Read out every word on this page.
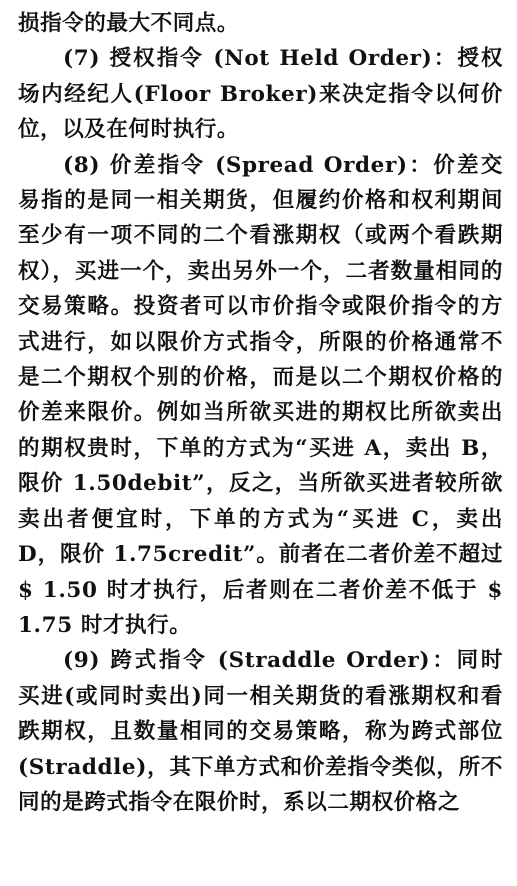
损指令的最大不同点。

(7) 授权指令 (Not Held Order)：授权场内经纪人(Floor Broker)来决定指令以何价位，以及在何时执行。

(8) 价差指令 (Spread Order)：价差交易指的是同一相关期货，但履约价格和权利期间至少有一项不同的二个看涨期权（或两个看跌期权），买进一个，卖出另外一个，二者数量相同的交易策略。投资者可以市价指令或限价指令的方式进行，如以限价方式指令，所限的价格通常不是二个期权个别的价格，而是以二个期权价格的价差来限价。例如当所欲买进的期权比所欲卖出的期权贵时，下单的方式为“买进 A，卖出 B，限价 1.50debit”，反之，当所欲买进者较所欲卖出者便宜时，下单的方式为“买进 C，卖出 D，限价 1.75credit”。前者在二者价差不超过 $ 1.50 时才执行，后者则在二者价差不低于 $ 1.75 时才执行。

(9) 跨式指令 (Straddle Order)：同时买进(或同时卖出)同一相关期货的看涨期权和看跌期权，且数量相同的交易策略，称为跨式部位(Straddle)，其下单方式和价差指令类似，所不同的是跨式指令在限价时，系以二期权价格之
